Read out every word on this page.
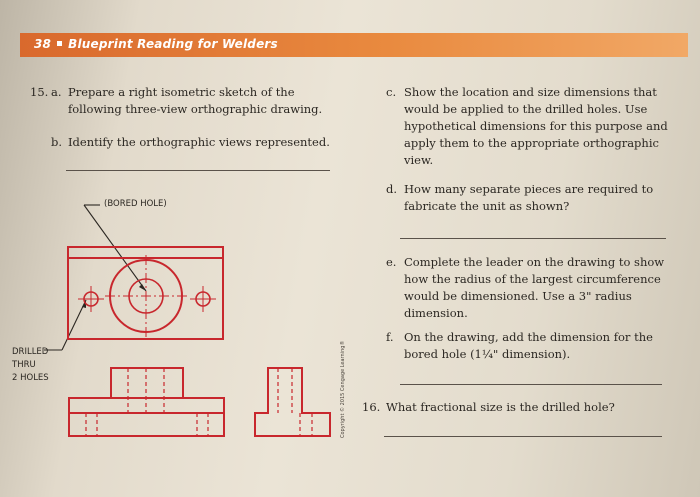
38 Blueprint Reading for Welders
15. a. Prepare a right isometric sketch of the
following three-view orthographic drawing.
b. Identify the orthographic views represented.
c. Show the location and size dimensions that
would be applied to the drilled holes. Use
hypothetical dimensions for this purpose and
apply them to the appropriate orthographic
view.
d. How many separate pieces are required to
fabricate the unit as shown?
e. Complete the leader on the drawing to show
how the radius of the largest circumference
would be dimensioned. Use a 3" radius
dimension.
f. On the drawing, add the dimension for the
bored hole (1¼" dimension).
16. What fractional size is the drilled hole?
Copyright © 2015 Cengage Learning®
(BORED HOLE)
DRILLED
THRU
2 HOLES
